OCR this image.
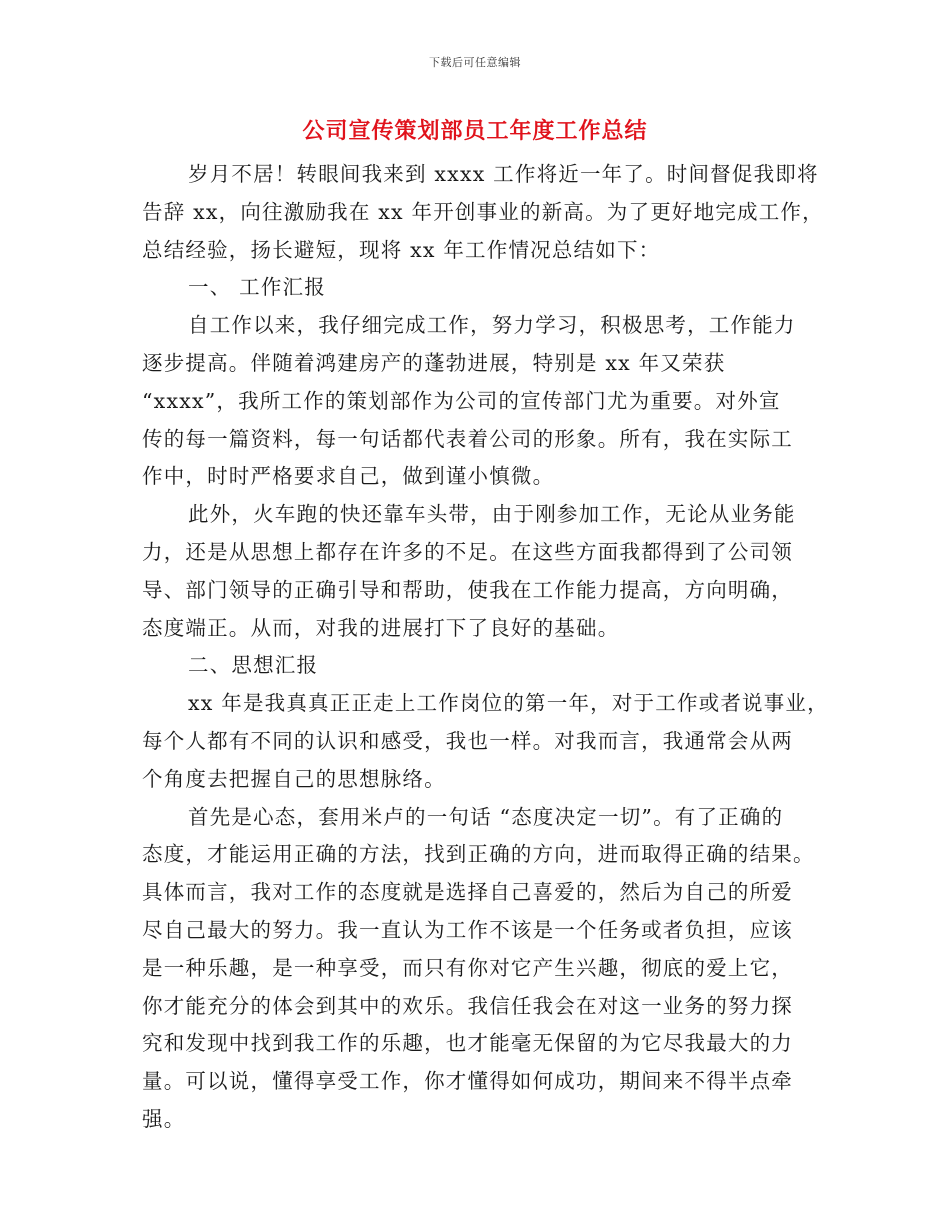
下载后可任意编辑
公司宣传策划部员工年度工作总结
岁月不居！转眼间我来到 xxxx 工作将近一年了。时间督促我即将
告辞 xx，向往激励我在 xx 年开创事业的新高。为了更好地完成工作，
总结经验，扬长避短，现将 xx 年工作情况总结如下：
一、 工作汇报
自工作以来，我仔细完成工作，努力学习，积极思考，工作能力
逐步提高。伴随着鸿建房产的蓬勃进展，特别是 xx 年又荣获
“xxxx”，我所工作的策划部作为公司的宣传部门尤为重要。对外宣
传的每一篇资料，每一句话都代表着公司的形象。所有，我在实际工
作中，时时严格要求自己，做到谨小慎微。
此外，火车跑的快还靠车头带，由于刚参加工作，无论从业务能
力，还是从思想上都存在许多的不足。在这些方面我都得到了公司领
导、部门领导的正确引导和帮助，使我在工作能力提高，方向明确，
态度端正。从而，对我的进展打下了良好的基础。
二、思想汇报
xx 年是我真真正正走上工作岗位的第一年，对于工作或者说事业，
每个人都有不同的认识和感受，我也一样。对我而言，我通常会从两
个角度去把握自己的思想脉络。
首先是心态，套用米卢的一句话 “态度决定一切”。有了正确的
态度，才能运用正确的方法，找到正确的方向，进而取得正确的结果。
具体而言，我对工作的态度就是选择自己喜爱的，然后为自己的所爱
尽自己最大的努力。我一直认为工作不该是一个任务或者负担，应该
是一种乐趣，是一种享受，而只有你对它产生兴趣，彻底的爱上它，
你才能充分的体会到其中的欢乐。我信任我会在对这一业务的努力探
究和发现中找到我工作的乐趣，也才能毫无保留的为它尽我最大的力
量。可以说，懂得享受工作，你才懂得如何成功，期间来不得半点牵
强。
